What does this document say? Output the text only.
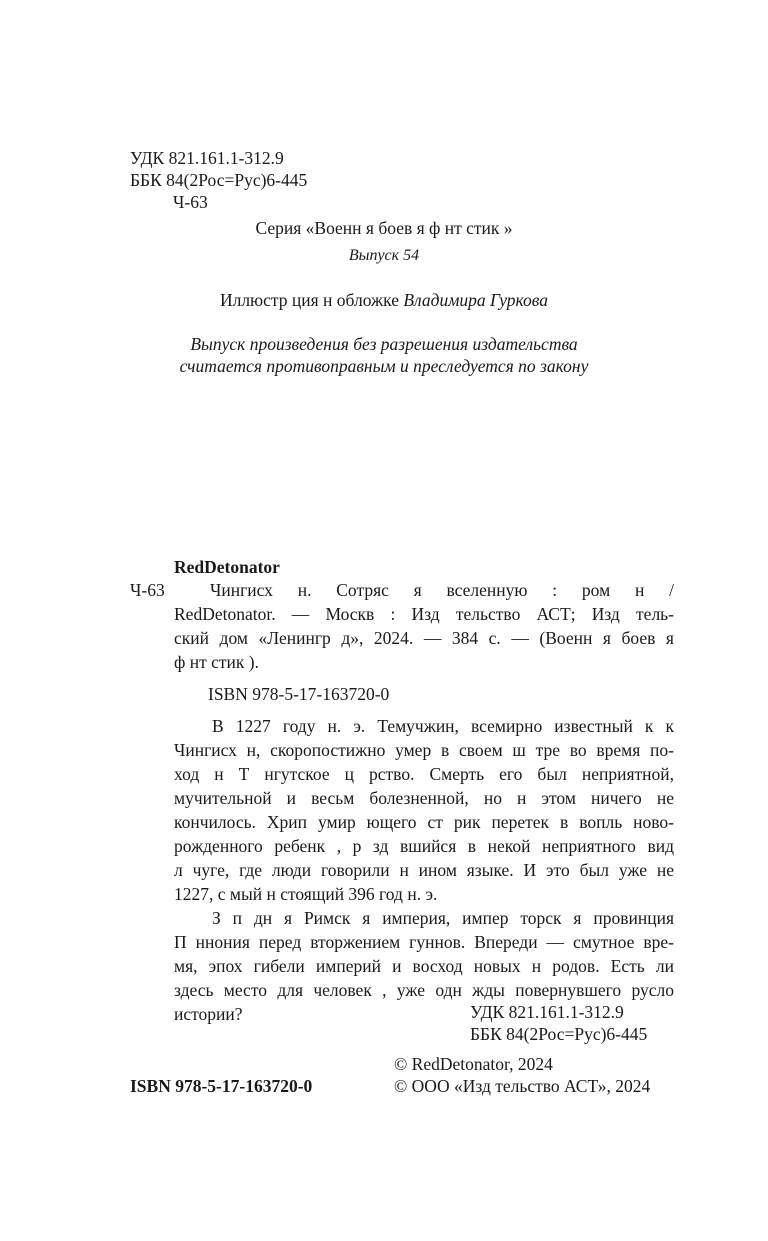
УДК 821.161.1-312.9
ББК 84(2Рос=Рус)6-445
Ч-63
Серия «Военн я боев я ф нт стик »
Выпуск 54
Иллюстр ция н обложке Владимира Гуркова
Выпуск произведения без разрешения издательства
считается противоправным и преследуется по закону
RedDetonator
Ч-63	Чингисх н. Сотряс я вселенную : ром н /
RedDetonator. — Москв : Изд тельство АСТ; Изд тель-
ский дом «Ленингр д», 2024. — 384 с. — (Военн я боев я
ф нт стик ).
ISBN 978-5-17-163720-0
В 1227 году н. э. Темучжин, всемирно известный к к
Чингисх н, скоропостижно умер в своем ш тре во время по-
ход н Т нгутское ц рство. Смерть его был неприятной,
мучительной и весьм болезненной, но н этом ничего не
кончилось. Хрип умир ющего ст рик перетек в вопль ново-
рожденного ребенк , р зд вшийся в некой неприятного вид
л чуге, где люди говорили н ином языке. И это был уже не
1227, с мый н стоящий 396 год н. э.
З п дн я Римск я империя, импер торск я провинция
П ннония перед вторжением гуннов. Впереди — смутное вре-
мя, эпох гибели империй и восход новых н родов. Есть ли
здесь место для человек , уже одн жды повернувшего русло
истории?	УДК 821.161.1-312.9
ББК 84(2Рос=Рус)6-445
© RedDetonator, 2024
© ООО «Изд тельство АСТ», 2024
ISBN 978-5-17-163720-0
